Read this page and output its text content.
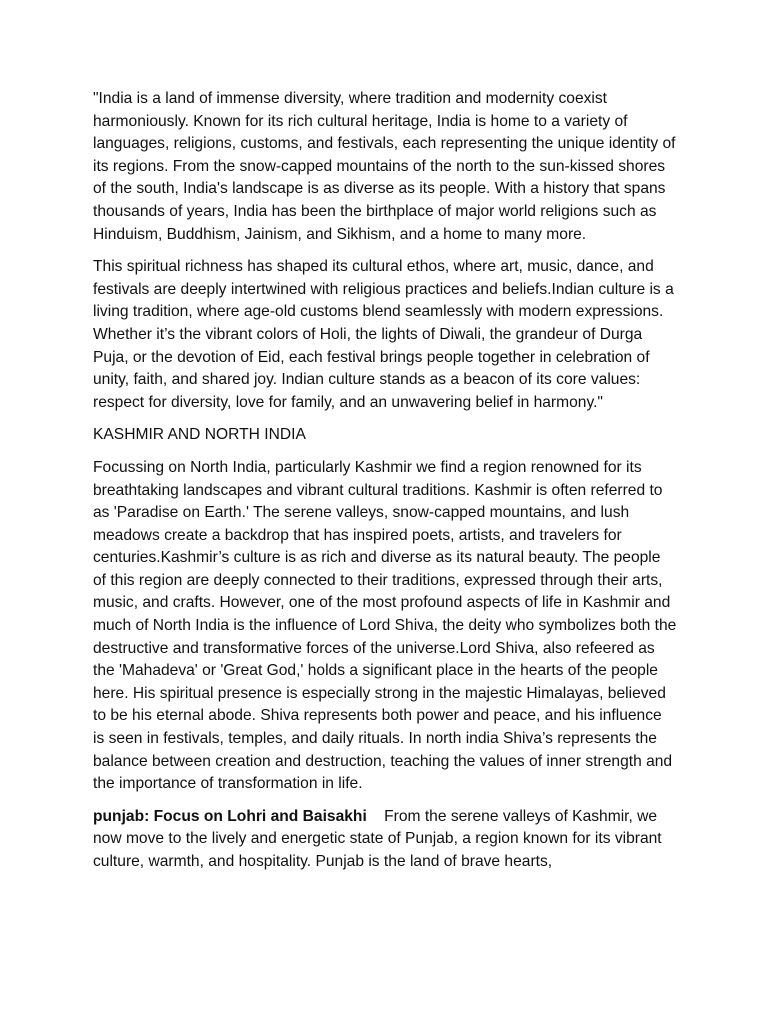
"India is a land of immense diversity, where tradition and modernity coexist harmoniously. Known for its rich cultural heritage, India is home to a variety of languages, religions, customs, and festivals, each representing the unique identity of its regions. From the snow-capped mountains of the north to the sun-kissed shores of the south, India's landscape is as diverse as its people. With a history that spans thousands of years, India has been the birthplace of major world religions such as Hinduism, Buddhism, Jainism, and Sikhism, and a home to many more.

This spiritual richness has shaped its cultural ethos, where art, music, dance, and festivals are deeply intertwined with religious practices and beliefs.Indian culture is a living tradition, where age-old customs blend seamlessly with modern expressions. Whether it’s the vibrant colors of Holi, the lights of Diwali, the grandeur of Durga Puja, or the devotion of Eid, each festival brings people together in celebration of unity, faith, and shared joy. Indian culture stands as a beacon of its core values: respect for diversity, love for family, and an unwavering belief in harmony."

KASHMIR AND NORTH INDIA

Focussing on North India, particularly Kashmir we find a region renowned for its breathtaking landscapes and vibrant cultural traditions. Kashmir is often referred to as 'Paradise on Earth.' The serene valleys, snow-capped mountains, and lush meadows create a backdrop that has inspired poets, artists, and travelers for centuries.Kashmir’s culture is as rich and diverse as its natural beauty. The people of this region are deeply connected to their traditions, expressed through their arts, music, and crafts. However, one of the most profound aspects of life in Kashmir and much of North India is the influence of Lord Shiva, the deity who symbolizes both the destructive and transformative forces of the universe.Lord Shiva, also refeered as the 'Mahadeva' or 'Great God,' holds a significant place in the hearts of the people here. His spiritual presence is especially strong in the majestic Himalayas, believed to be his eternal abode. Shiva represents both power and peace, and his influence is seen in festivals, temples, and daily rituals. In north india Shiva’s represents the balance between creation and destruction, teaching the values of inner strength and the importance of transformation in life.

punjab: Focus on Lohri and Baisakhi    From the serene valleys of Kashmir, we now move to the lively and energetic state of Punjab, a region known for its vibrant culture, warmth, and hospitality. Punjab is the land of brave hearts,
